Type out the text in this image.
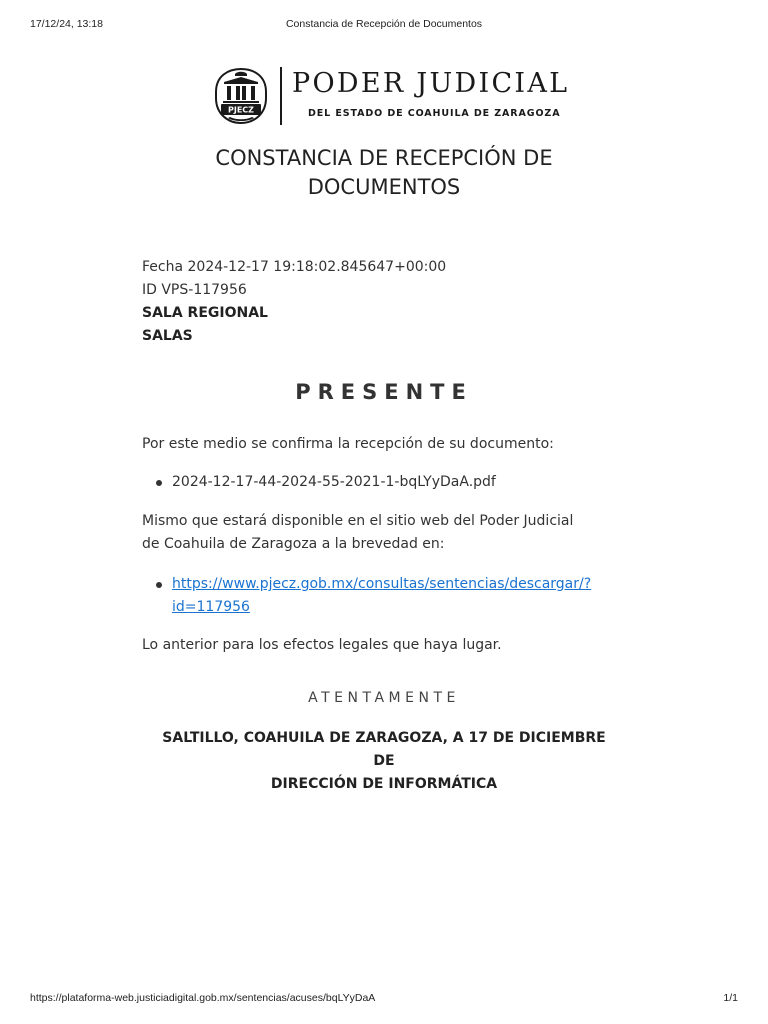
17/12/24, 13:18	Constancia de Recepción de Documentos
PJECZ
PODER JUDICIAL
DEL ESTADO DE COAHUILA DE ZARAGOZA
CONSTANCIA DE RECEPCIÓN DE
DOCUMENTOS
Fecha 2024-12-17 19:18:02.845647+00:00
ID VPS-117956
SALA REGIONAL
SALAS
PRESENTE
Por este medio se confirma la recepción de su documento:
2024-12-17-44-2024-55-2021-1-bqLYyDaA.pdf
Mismo que estará disponible en el sitio web del Poder Judicial de Coahuila de Zaragoza a la brevedad en:
https://www.pjecz.gob.mx/consultas/sentencias/descargar/?
id=117956
Lo anterior para los efectos legales que haya lugar.
ATENTAMENTE
SALTILLO, COAHUILA DE ZARAGOZA, A 17 DE DICIEMBRE DE
DIRECCIÓN DE INFORMÁTICA
https://plataforma-web.justiciadigital.gob.mx/sentencias/acuses/bqLYyDaA	1/1
